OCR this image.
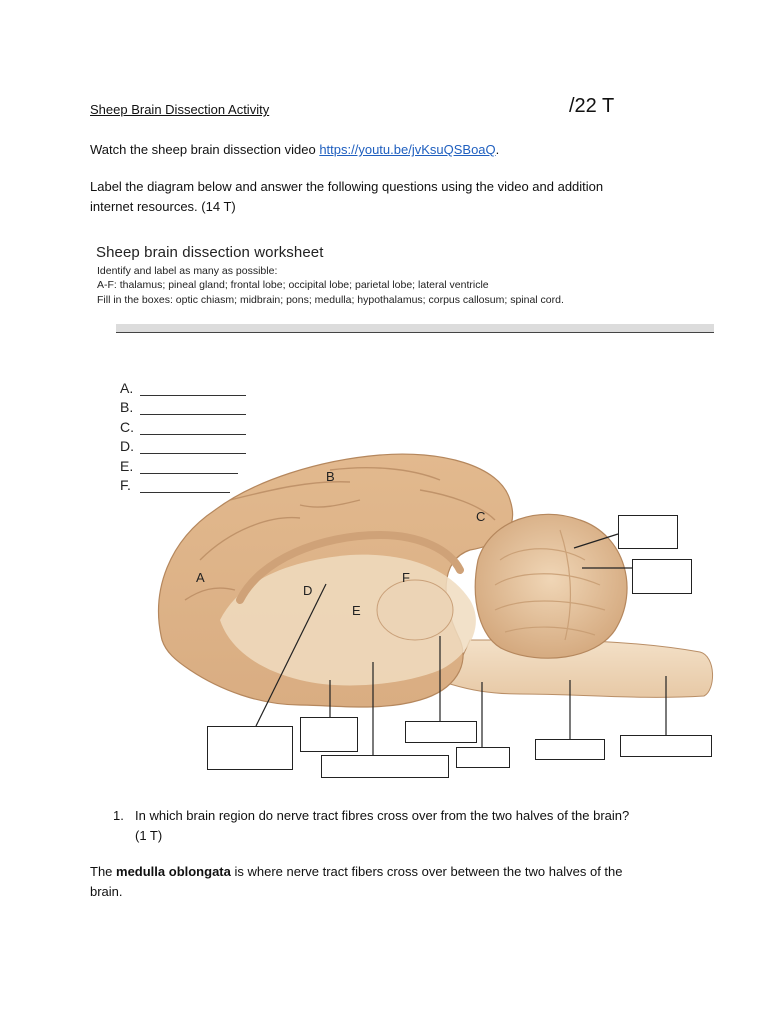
Sheep Brain Dissection Activity	/22 T
Watch the sheep brain dissection video https://youtu.be/jvKsuQSBoaQ.
Label the diagram below and answer the following questions using the video and addition
internet resources. (14 T)
Sheep brain dissection worksheet
Identify and label as many as possible:
A-F: thalamus; pineal gland; frontal lobe; occipital lobe; parietal lobe; lateral ventricle
Fill in the boxes: optic chiasm; midbrain; pons; medulla; hypothalamus; corpus callosum; spinal cord.
A.
B.
C.
D.
E.
F.
A
B
C
D
E
F
1. In which brain region do nerve tract fibres cross over from the two halves of the brain?
(1 T)
The medulla oblongata is where nerve tract fibers cross over between the two halves of the
brain.
